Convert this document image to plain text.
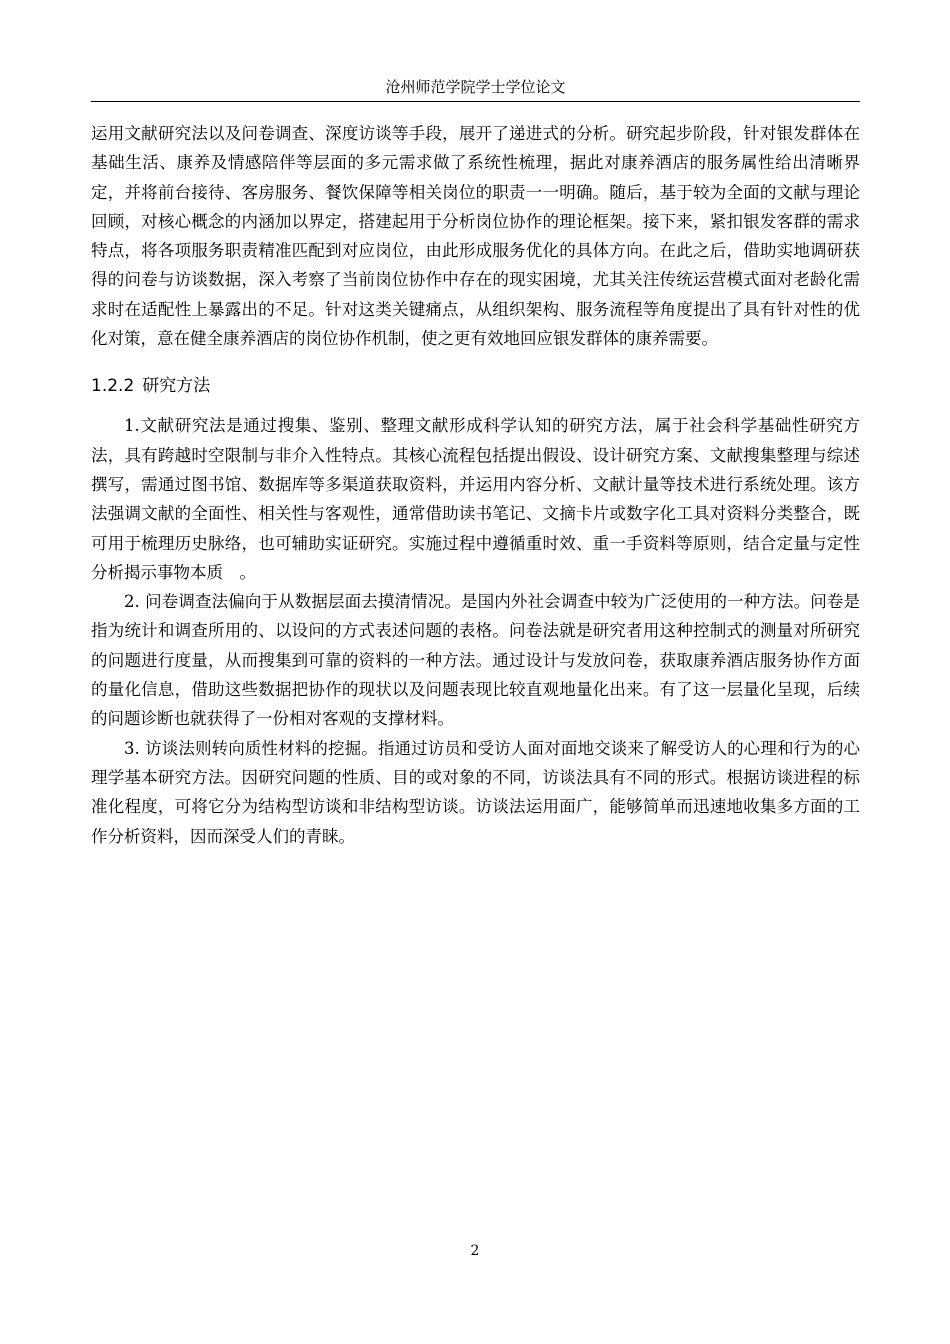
沧州师范学院学士学位论文

运用文献研究法以及问卷调查、深度访谈等手段，展开了递进式的分析。研究起步阶段，针对银发群体在基础生活、康养及情感陪伴等层面的多元需求做了系统性梳理，据此对康养酒店的服务属性给出清晰界定，并将前台接待、客房服务、餐饮保障等相关岗位的职责一一明确。随后，基于较为全面的文献与理论回顾，对核心概念的内涵加以界定，搭建起用于分析岗位协作的理论框架。接下来，紧扣银发客群的需求特点，将各项服务职责精准匹配到对应岗位，由此形成服务优化的具体方向。在此之后，借助实地调研获得的问卷与访谈数据，深入考察了当前岗位协作中存在的现实困境，尤其关注传统运营模式面对老龄化需求时在适配性上暴露出的不足。针对这类关键痛点，从组织架构、服务流程等角度提出了具有针对性的优化对策，意在健全康养酒店的岗位协作机制，使之更有效地回应银发群体的康养需要。

1.2.2 研究方法

1.文献研究法是通过搜集、鉴别、整理文献形成科学认知的研究方法，属于社会科学基础性研究方法，具有跨越时空限制与非介入性特点。其核心流程包括提出假设、设计研究方案、文献搜集整理与综述撰写，需通过图书馆、数据库等多渠道获取资料，并运用内容分析、文献计量等技术进行系统处理。该方法强调文献的全面性、相关性与客观性，通常借助读书笔记、文摘卡片或数字化工具对资料分类整合，既可用于梳理历史脉络，也可辅助实证研究。实施过程中遵循重时效、重一手资料等原则，结合定量与定性分析揭示事物本质　。

2. 问卷调查法偏向于从数据层面去摸清情况。是国内外社会调查中较为广泛使用的一种方法。问卷是指为统计和调查所用的、以设问的方式表述问题的表格。问卷法就是研究者用这种控制式的测量对所研究的问题进行度量，从而搜集到可靠的资料的一种方法。通过设计与发放问卷，获取康养酒店服务协作方面的量化信息，借助这些数据把协作的现状以及问题表现比较直观地量化出来。有了这一层量化呈现，后续的问题诊断也就获得了一份相对客观的支撑材料。

3. 访谈法则转向质性材料的挖掘。指通过访员和受访人面对面地交谈来了解受访人的心理和行为的心理学基本研究方法。因研究问题的性质、目的或对象的不同，访谈法具有不同的形式。根据访谈进程的标准化程度，可将它分为结构型访谈和非结构型访谈。访谈法运用面广，能够简单而迅速地收集多方面的工作分析资料，因而深受人们的青睐。

2
